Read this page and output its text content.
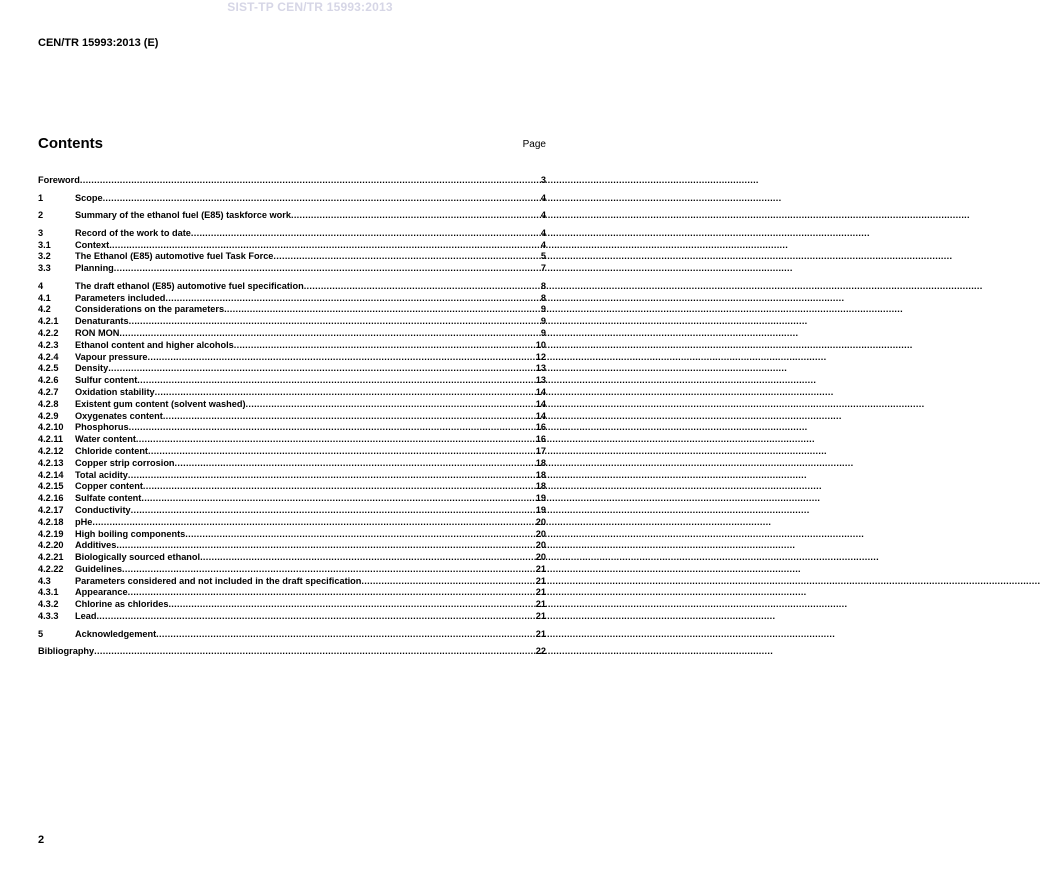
SIST-TP CEN/TR 15993:2013
CEN/TR 15993:2013 (E)
Contents	Page
Foreword .....	3
1	Scope .....	4
2	Summary of the ethanol fuel (E85) taskforce work .....	4
3	Record of the work to date .....	4
3.1	Context .....	4
3.2	The Ethanol (E85) automotive fuel Task Force .....	5
3.3	Planning .....	7
4	The draft ethanol (E85) automotive fuel specification .....	8
4.1	Parameters included .....	8
4.2	Considerations on the parameters .....	9
4.2.1	Denaturants .....	9
4.2.2	RON MON .....	9
4.2.3	Ethanol content and higher alcohols .....	10
4.2.4	Vapour pressure .....	12
4.2.5	Density .....	13
4.2.6	Sulfur content .....	13
4.2.7	Oxidation stability .....	14
4.2.8	Existent gum content (solvent washed) .....	14
4.2.9	Oxygenates content .....	14
4.2.10	Phosphorus .....	16
4.2.11	Water content .....	16
4.2.12	Chloride content .....	17
4.2.13	Copper strip corrosion .....	18
4.2.14	Total acidity .....	18
4.2.15	Copper content .....	18
4.2.16	Sulfate content .....	19
4.2.17	Conductivity .....	19
4.2.18	pHe .....	20
4.2.19	High boiling components .....	20
4.2.20	Additives .....	20
4.2.21	Biologically sourced ethanol .....	20
4.2.22	Guidelines .....	21
4.3	Parameters considered and not included in the draft specification .....	21
4.3.1	Appearance .....	21
4.3.2	Chlorine as chlorides .....	21
4.3.3	Lead .....	21
5	Acknowledgement .....	21
Bibliography .....	22
2
